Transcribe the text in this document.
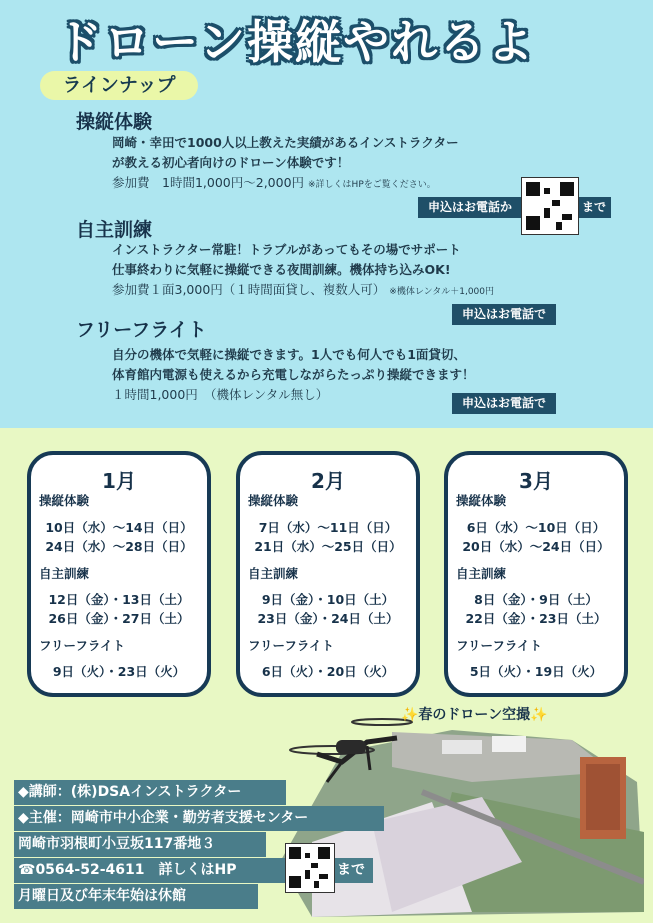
ドローン操縦やれるよ
ラインナップ
操縦体験
岡崎・幸田で1000人以上教えた実績があるインストラクター
が教える初心者向けのドローン体験です！
参加費　1時間1,000円～2,000円 ※詳しくはHPをご覧ください。
申込はお電話か	まで
自主訓練
インストラクター常駐！トラブルがあってもその場でサポート
仕事終わりに気軽に操縦できる夜間訓練。機体持ち込みOK!
参加費１面3,000円（１時間面貸し、複数人可） ※機体レンタル＋1,000円
申込はお電話で
フリーフライト
自分の機体で気軽に操縦できます。1人でも何人でも1面貸切、
体育館内電源も使えるから充電しながらたっぷり操縦できます！
１時間1,000円　（機体レンタル無し）
申込はお電話で
1月
操縦体験
10日（水）～14日（日）
24日（水）～28日（日）
自主訓練
12日（金）・13日（土）
26日（金）・27日（土）
フリーフライト
9日（火）・23日（火）
2月
操縦体験
7日（水）～11日（日）
21日（水）～25日（日）
自主訓練
9日（金）・10日（土）
23日（金）・24日（土）
フリーフライト
6日（火）・20日（火）
3月
操縦体験
6日（水）～10日（日）
20日（水）～24日（日）
自主訓練
8日（金）・9日（土）
22日（金）・23日（土）
フリーフライト
5日（火）・19日（火）
✨春のドローン空撮✨
◆講師：(株)DSAインストラクター
◆主催：岡崎市中小企業・勤労者支援センター
岡崎市羽根町小豆坂117番地３
☎0564-52-4611　詳しくはHP	まで
月曜日及び年末年始は休館
